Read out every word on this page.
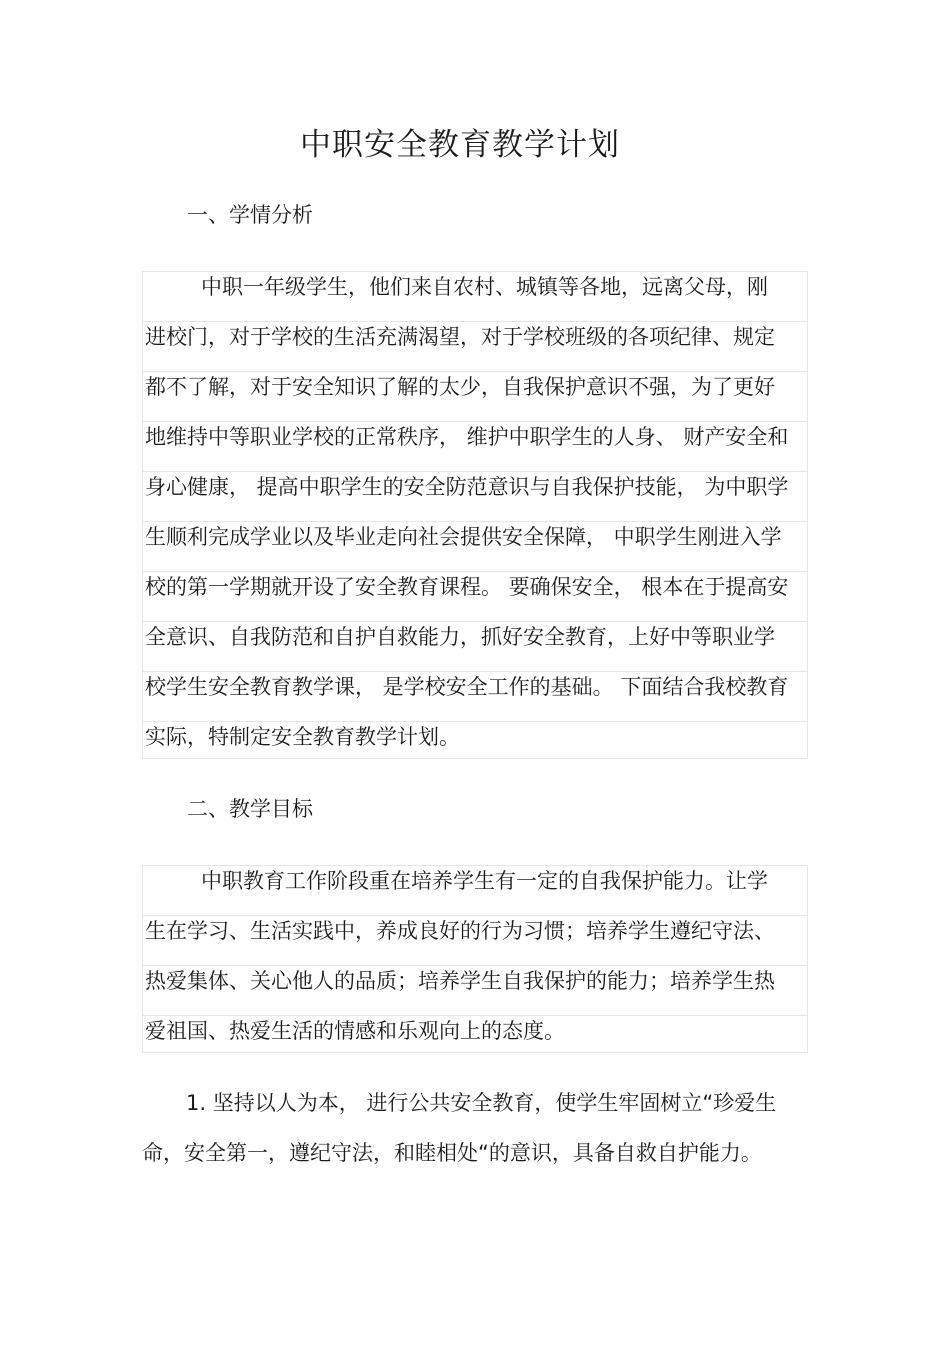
中职安全教育教学计划
一、学情分析
中职一年级学生，他们来自农村、城镇等各地，远离父母，刚
进校门，对于学校的生活充满渴望，对于学校班级的各项纪律、规定
都不了解，对于安全知识了解的太少，自我保护意识不强，为了更好
地维持中等职业学校的正常秩序， 维护中职学生的人身、 财产安全和
身心健康， 提高中职学生的安全防范意识与自我保护技能， 为中职学
生顺利完成学业以及毕业走向社会提供安全保障， 中职学生刚进入学
校的第一学期就开设了安全教育课程。 要确保安全， 根本在于提高安
全意识、自我防范和自护自救能力，抓好安全教育，上好中等职业学
校学生安全教育教学课， 是学校安全工作的基础。 下面结合我校教育
实际，特制定安全教育教学计划。
二、教学目标
中职教育工作阶段重在培养学生有一定的自我保护能力。让学
生在学习、生活实践中，养成良好的行为习惯；培养学生遵纪守法、
热爱集体、关心他人的品质；培养学生自我保护的能力；培养学生热
爱祖国、热爱生活的情感和乐观向上的态度。
1. 坚持以人为本， 进行公共安全教育，使学生牢固树立“珍爱生
命，安全第一，遵纪守法，和睦相处“的意识，具备自救自护能力。
